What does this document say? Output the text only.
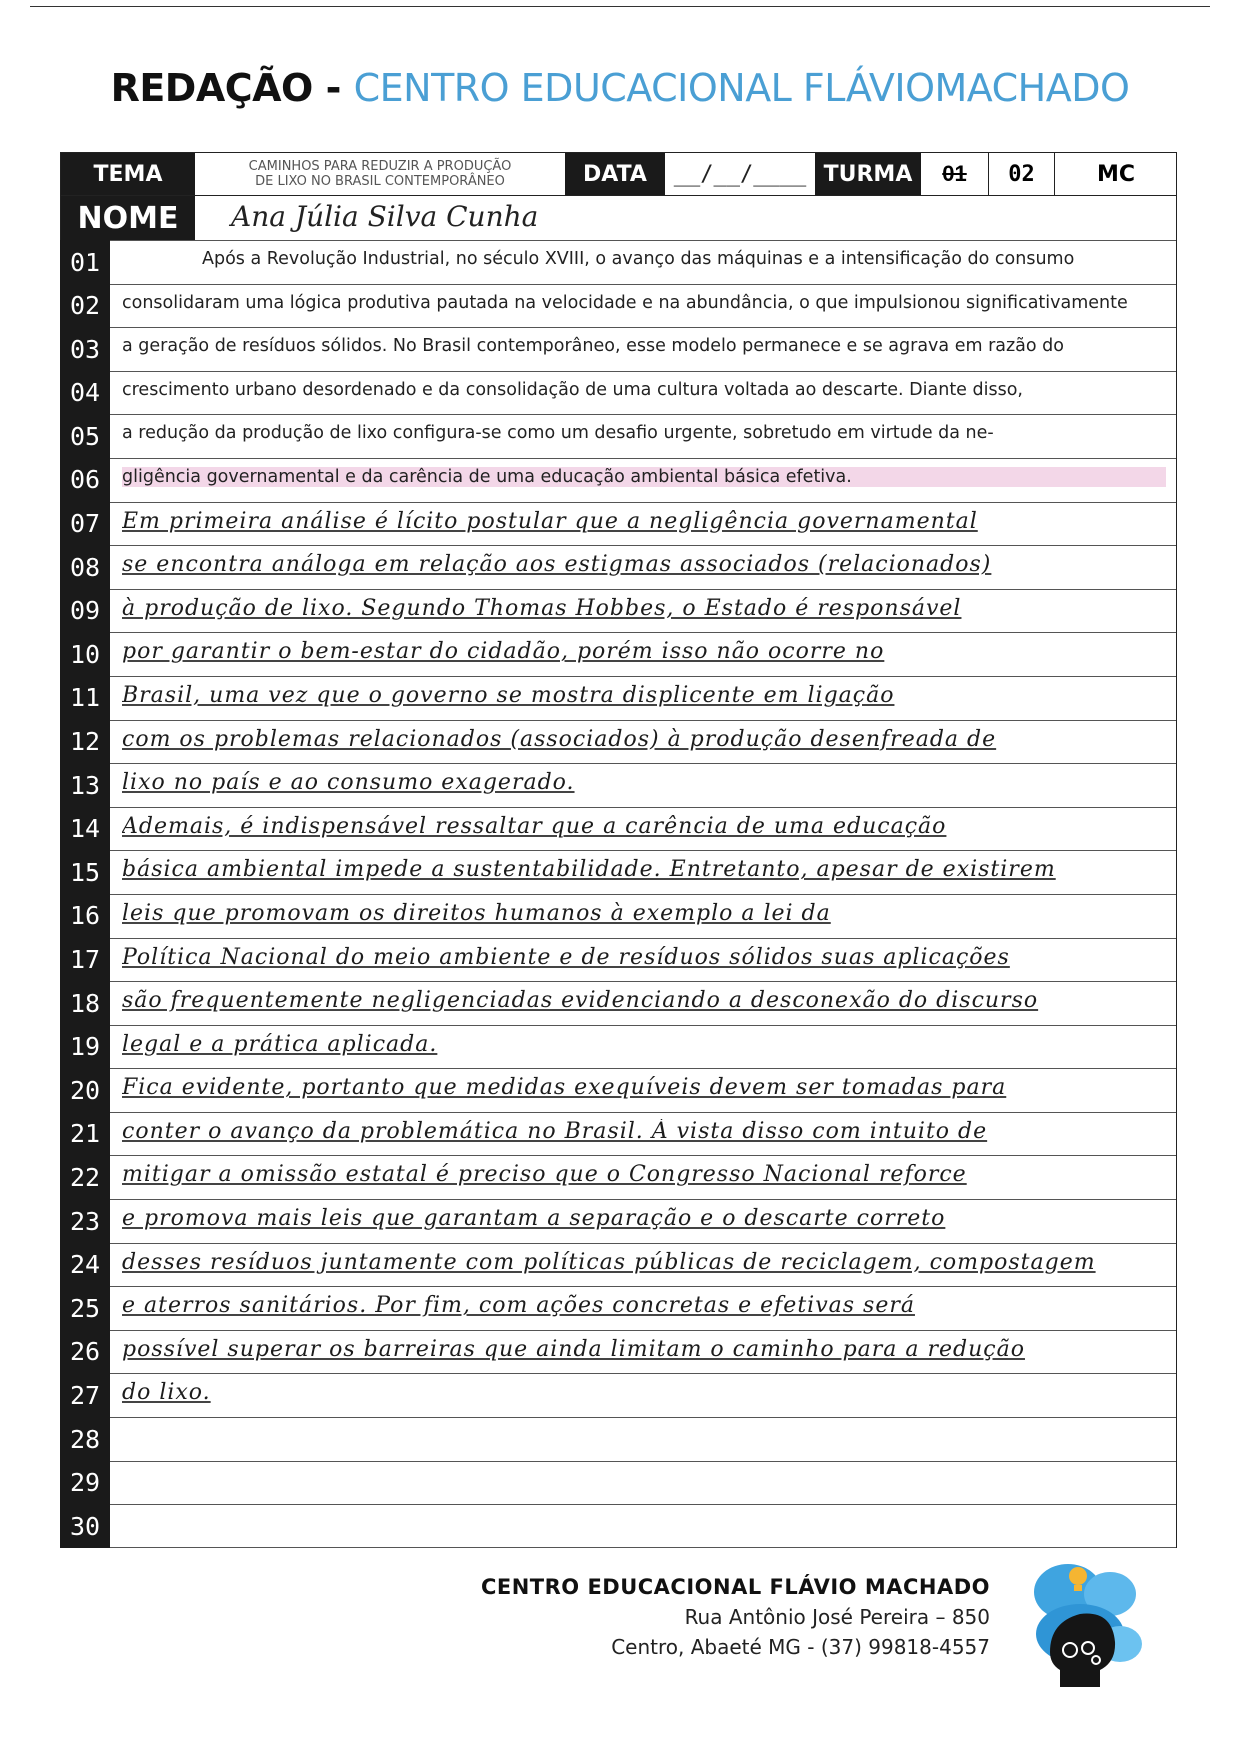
REDAÇÃO - CENTRO EDUCACIONAL FLÁVIOMACHADO
TEMA	CAMINHOS PARA REDUZIR A PRODUÇÃO
DE LIXO NO BRASIL CONTEMPORÂNEO	DATA	__/__/____ TURMA	01	02	MC
NOME	Ana Júlia Silva Cunha
01	Após a Revolução Industrial, no século XVIII, o avanço das máquinas e a intensificação do consumo
02	consolidaram uma lógica produtiva pautada na velocidade e na abundância, o que impulsionou significativamente
03	a geração de resíduos sólidos. No Brasil contemporâneo, esse modelo permanece e se agrava em razão do
04	crescimento urbano desordenado e da consolidação de uma cultura voltada ao descarte. Diante disso,
05	a redução da produção de lixo configura-se como um desafio urgente, sobretudo em virtude da ne-
06	gligência governamental e da carência de uma educação ambiental básica efetiva.
07 Em primeira análise é lícito postular que a negligência governamental
08 se encontra análoga em relação aos estigmas associados (relacionados)
09 à produção de lixo. Segundo Thomas Hobbes, o Estado é responsável
10 por garantir o bem-estar do cidadão, porém isso não ocorre no
11 Brasil, uma vez que o governo se mostra displicente em ligação
12 com os problemas relacionados (associados) à produção desenfreada de
13 lixo no país e ao consumo exagerado.
14 Ademais, é indispensável ressaltar que a carência de uma educação
15 básica ambiental impede a sustentabilidade. Entretanto, apesar de existirem
16 leis que promovam os direitos humanos à exemplo a lei da
17 Política Nacional do meio ambiente e de resíduos sólidos suas aplicações
18 são frequentemente negligenciadas evidenciando a desconexão do discurso
19 legal e a prática aplicada.
20 Fica evidente, portanto que medidas exequíveis devem ser tomadas para
21 conter o avanço da problemática no Brasil. À vista disso com intuito de
22 mitigar a omissão estatal é preciso que o Congresso Nacional reforce
23 e promova mais leis que garantam a separação e o descarte correto
24 desses resíduos juntamente com políticas públicas de reciclagem, compostagem
25 e aterros sanitários. Por fim, com ações concretas e efetivas será
26 possível superar os barreiras que ainda limitam o caminho para a redução
27 do lixo.
28
29
30
CENTRO EDUCACIONAL FLÁVIO MACHADO
Rua Antônio José Pereira – 850
Centro, Abaeté MG - (37) 99818-4557
